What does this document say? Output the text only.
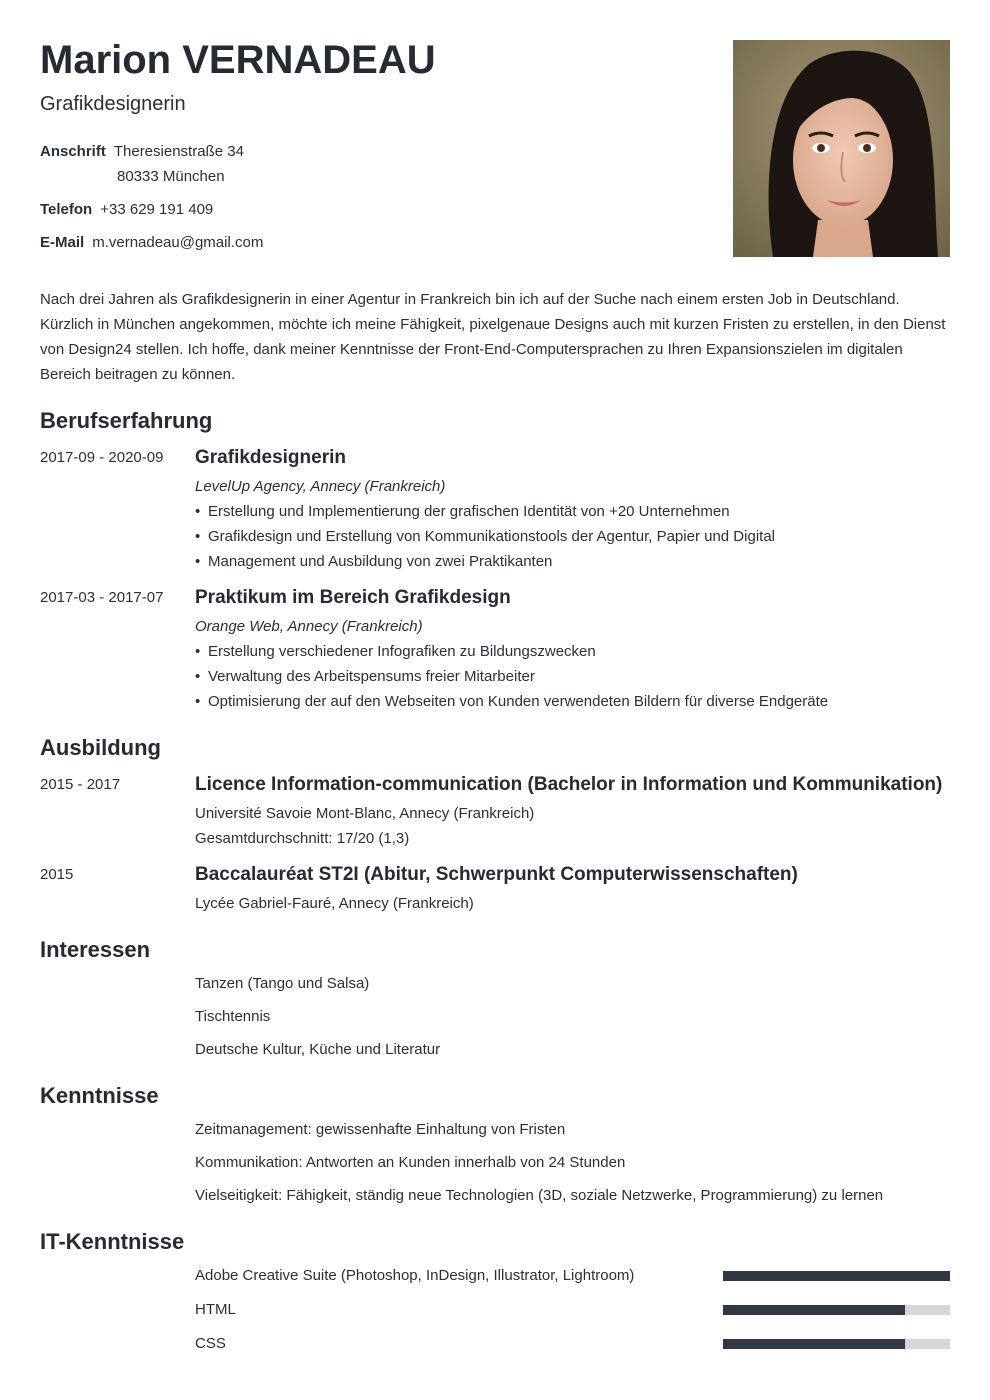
Marion VERNADEAU
Grafikdesignerin
Anschrift Theresienstraße 34
80333 München
Telefon +33 629 191 409
E-Mail m.vernadeau@gmail.com

Nach drei Jahren als Grafikdesignerin in einer Agentur in Frankreich bin ich auf der Suche nach einem ersten Job in Deutschland. Kürzlich in München angekommen, möchte ich meine Fähigkeit, pixelgenaue Designs auch mit kurzen Fristen zu erstellen, in den Dienst von Design24 stellen. Ich hoffe, dank meiner Kenntnisse der Front-End-Computersprachen zu Ihren Expansionszielen im digitalen Bereich beitragen zu können.

Berufserfahrung
2017-09 - 2020-09 Grafikdesignerin
LevelUp Agency, Annecy (Frankreich)
• Erstellung und Implementierung der grafischen Identität von +20 Unternehmen
• Grafikdesign und Erstellung von Kommunikationstools der Agentur, Papier und Digital
• Management und Ausbildung von zwei Praktikanten
2017-03 - 2017-07 Praktikum im Bereich Grafikdesign
Orange Web, Annecy (Frankreich)
• Erstellung verschiedener Infografiken zu Bildungszwecken
• Verwaltung des Arbeitspensums freier Mitarbeiter
• Optimisierung der auf den Webseiten von Kunden verwendeten Bildern für diverse Endgeräte
Ausbildung
2015 - 2017	Licence Information-communication (Bachelor in Information und Kommunikation)
Université Savoie Mont-Blanc, Annecy (Frankreich)
Gesamtdurchschnitt: 17/20 (1,3)
2015	Baccalauréat ST2I (Abitur, Schwerpunkt Computerwissenschaften)
Lycée Gabriel-Fauré, Annecy (Frankreich)
Interessen
Tanzen (Tango und Salsa)
Tischtennis
Deutsche Kultur, Küche und Literatur
Kenntnisse
Zeitmanagement: gewissenhafte Einhaltung von Fristen
Kommunikation: Antworten an Kunden innerhalb von 24 Stunden
Vielseitigkeit: Fähigkeit, ständig neue Technologien (3D, soziale Netzwerke, Programmierung) zu lernen
IT-Kenntnisse
Adobe Creative Suite (Photoshop, InDesign, Illustrator, Lightroom)
HTML
CSS
